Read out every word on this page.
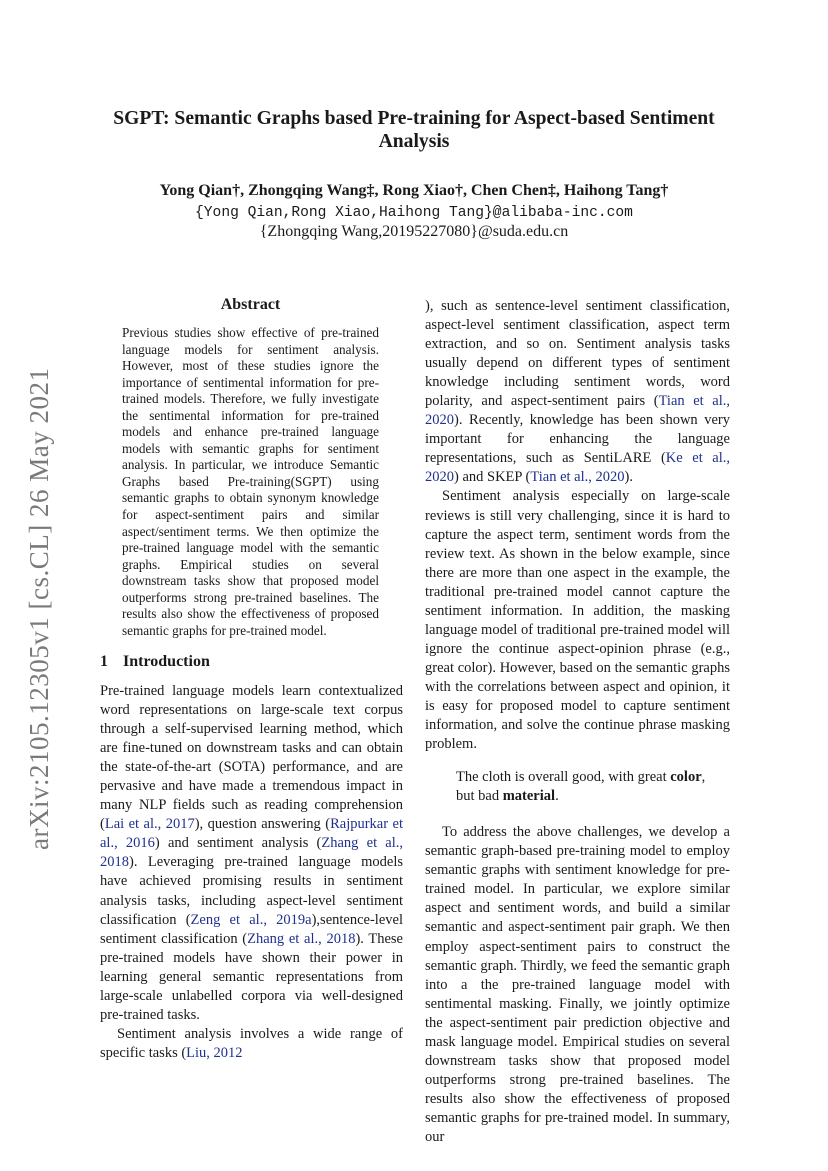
arXiv:2105.12305v1 [cs.CL] 26 May 2021
SGPT: Semantic Graphs based Pre-training for Aspect-based Sentiment Analysis
Yong Qian†, Zhongqing Wang‡, Rong Xiao†, Chen Chen‡, Haihong Tang†
{Yong Qian,Rong Xiao,Haihong Tang}@alibaba-inc.com
{Zhongqing Wang,20195227080}@suda.edu.cn
Abstract
Previous studies show effective of pre-trained language models for sentiment analysis. However, most of these studies ignore the importance of sentimental information for pre-trained models. Therefore, we fully investigate the sentimental information for pre-trained models and enhance pre-trained language models with semantic graphs for sentiment analysis. In particular, we introduce Semantic Graphs based Pre-training(SGPT) using semantic graphs to obtain synonym knowledge for aspect-sentiment pairs and similar aspect/sentiment terms. We then optimize the pre-trained language model with the semantic graphs. Empirical studies on several downstream tasks show that proposed model outperforms strong pre-trained baselines. The results also show the effectiveness of proposed semantic graphs for pre-trained model.
1 Introduction

Pre-trained language models learn contextualized word representations on large-scale text corpus through a self-supervised learning method, which are fine-tuned on downstream tasks and can obtain the state-of-the-art (SOTA) performance, and are pervasive and have made a tremendous impact in many NLP fields such as reading comprehension (Lai et al., 2017), question answering (Rajpurkar et al., 2016) and sentiment analysis (Zhang et al., 2018). Leveraging pre-trained language models have achieved promising results in sentiment analysis tasks, including aspect-level sentiment classification (Zeng et al., 2019a),sentence-level sentiment classification (Zhang et al., 2018). These pre-trained models have shown their power in learning general semantic representations from large-scale unlabelled corpora via well-designed pre-trained tasks.

Sentiment analysis involves a wide range of specific tasks (Liu, 2012

), such as sentence-level sentiment classification, aspect-level sentiment classification, aspect term extraction, and so on. Sentiment analysis tasks usually depend on different types of sentiment knowledge including sentiment words, word polarity, and aspect-sentiment pairs (Tian et al., 2020). Recently, knowledge has been shown very important for enhancing the language representations, such as SentiLARE (Ke et al., 2020) and SKEP (Tian et al., 2020).

Sentiment analysis especially on large-scale reviews is still very challenging, since it is hard to capture the aspect term, sentiment words from the review text. As shown in the below example, since there are more than one aspect in the example, the traditional pre-trained model cannot capture the sentiment information. In addition, the masking language model of traditional pre-trained model will ignore the continue aspect-opinion phrase (e.g., great color). However, based on the semantic graphs with the correlations between aspect and opinion, it is easy for proposed model to capture sentiment information, and solve the continue phrase masking problem.

The cloth is overall good, with great color, but bad material.

To address the above challenges, we develop a semantic graph-based pre-training model to employ semantic graphs with sentiment knowledge for pre-trained model. In particular, we explore similar aspect and sentiment words, and build a similar semantic and aspect-sentiment pair graph. We then employ aspect-sentiment pairs to construct the semantic graph. Thirdly, we feed the semantic graph into a the pre-trained language model with sentimental masking. Finally, we jointly optimize the aspect-sentiment pair prediction objective and mask language model. Empirical studies on several downstream tasks show that proposed model outperforms strong pre-trained baselines. The results also show the effectiveness of proposed semantic graphs for pre-trained model. In summary, our
